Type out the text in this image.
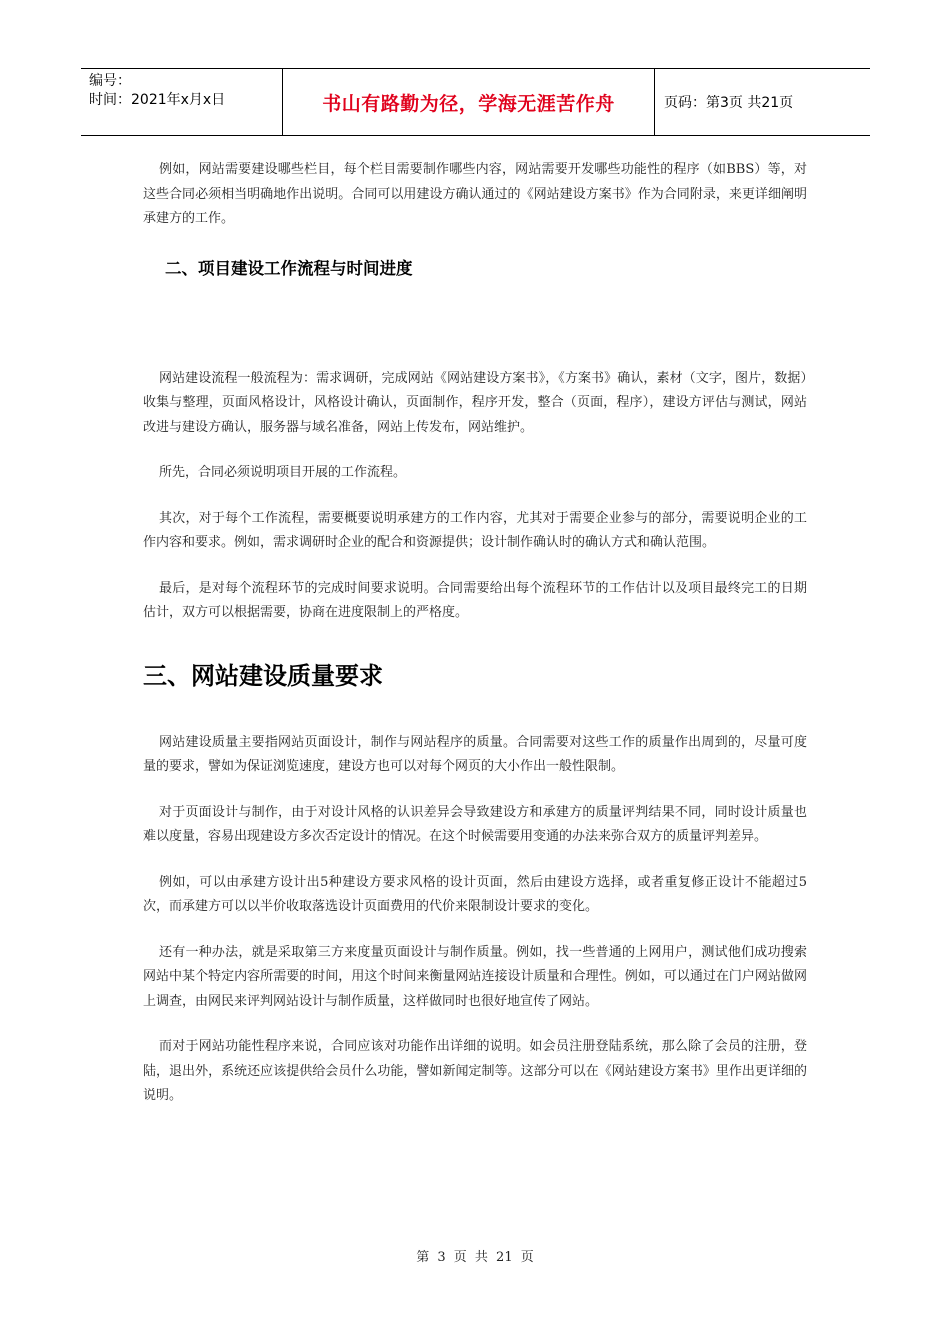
编号：
时间：2021年x月x日	书山有路勤为径，学海无涯苦作舟	页码：第3页 共21页

例如，网站需要建设哪些栏目，每个栏目需要制作哪些内容，网站需要开发哪些功能性的程序（如BBS）等，对这些合同必须相当明确地作出说明。合同可以用建设方确认通过的《网站建设方案书》作为合同附录，来更详细阐明承建方的工作。

二、项目建设工作流程与时间进度

网站建设流程一般流程为：需求调研，完成网站《网站建设方案书》，《方案书》确认，素材（文字，图片，数据）收集与整理，页面风格设计，风格设计确认，页面制作，程序开发，整合（页面，程序），建设方评估与测试，网站改进与建设方确认，服务器与域名准备，网站上传发布，网站维护。

所先，合同必须说明项目开展的工作流程。

其次，对于每个工作流程，需要概要说明承建方的工作内容，尤其对于需要企业参与的部分，需要说明企业的工作内容和要求。例如，需求调研时企业的配合和资源提供；设计制作确认时的确认方式和确认范围。

最后，是对每个流程环节的完成时间要求说明。合同需要给出每个流程环节的工作估计以及项目最终完工的日期估计，双方可以根据需要，协商在进度限制上的严格度。

三、网站建设质量要求

网站建设质量主要指网站页面设计，制作与网站程序的质量。合同需要对这些工作的质量作出周到的，尽量可度量的要求，譬如为保证浏览速度，建设方也可以对每个网页的大小作出一般性限制。

对于页面设计与制作，由于对设计风格的认识差异会导致建设方和承建方的质量评判结果不同，同时设计质量也难以度量，容易出现建设方多次否定设计的情况。在这个时候需要用变通的办法来弥合双方的质量评判差异。

例如，可以由承建方设计出5种建设方要求风格的设计页面，然后由建设方选择，或者重复修正设计不能超过5次，而承建方可以以半价收取落选设计页面费用的代价来限制设计要求的变化。

还有一种办法，就是采取第三方来度量页面设计与制作质量。例如，找一些普通的上网用户，测试他们成功搜索网站中某个特定内容所需要的时间，用这个时间来衡量网站连接设计质量和合理性。例如，可以通过在门户网站做网上调查，由网民来评判网站设计与制作质量，这样做同时也很好地宣传了网站。

而对于网站功能性程序来说，合同应该对功能作出详细的说明。如会员注册登陆系统，那么除了会员的注册，登陆，退出外，系统还应该提供给会员什么功能，譬如新闻定制等。这部分可以在《网站建设方案书》里作出更详细的说明。

第 3 页 共 21 页
